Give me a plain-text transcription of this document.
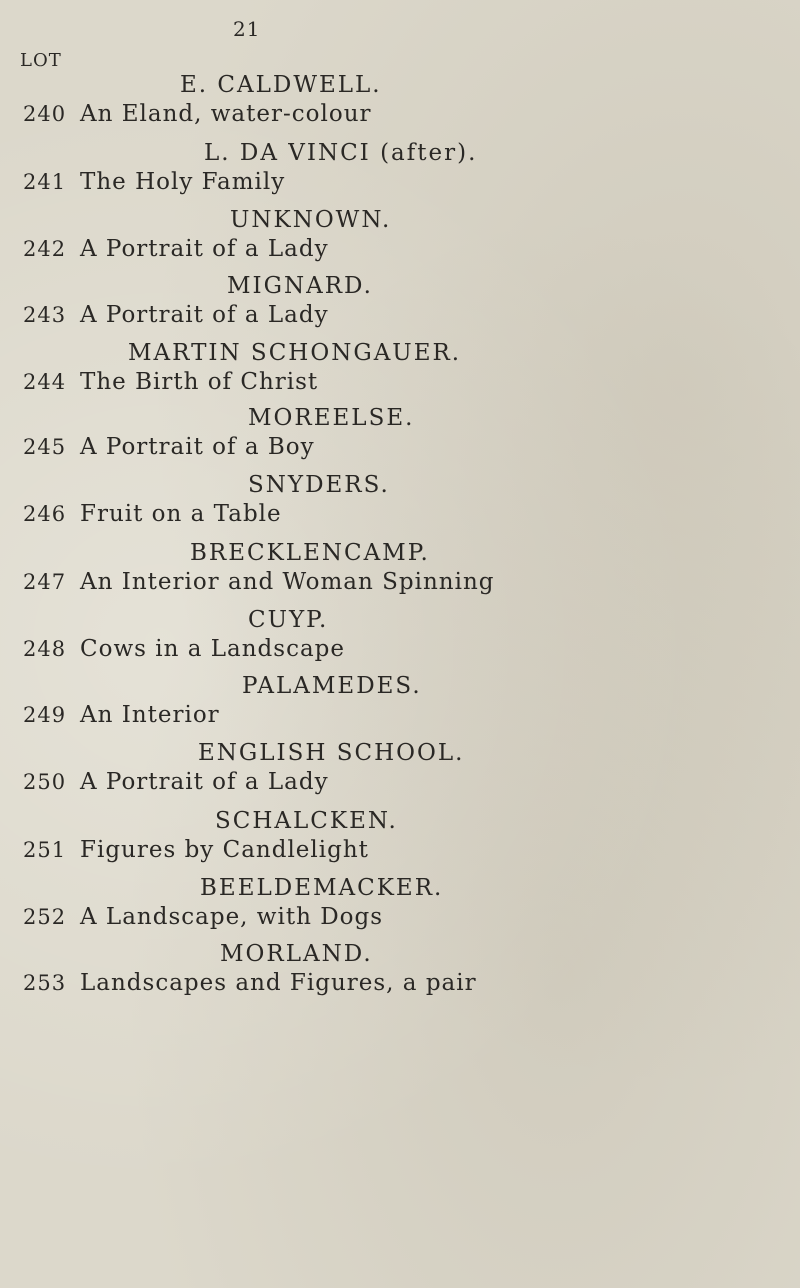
21
LOT
E. CALDWELL.
240 An Eland, water-colour
L. DA VINCI (after).
241 The Holy Family
UNKNOWN.
242 A Portrait of a Lady
MIGNARD.
243 A Portrait of a Lady
MARTIN SCHONGAUER.
244 The Birth of Christ
MOREELSE.
245 A Portrait of a Boy
SNYDERS.
246 Fruit on a Table
BRECKLENCAMP.
247 An Interior and Woman Spinning
CUYP.
248 Cows in a Landscape
PALAMEDES.
249 An Interior
ENGLISH SCHOOL.
250 A Portrait of a Lady
SCHALCKEN.
251 Figures by Candlelight
BEELDEMACKER.
252 A Landscape, with Dogs
MORLAND.
253 Landscapes and Figures, a pair
